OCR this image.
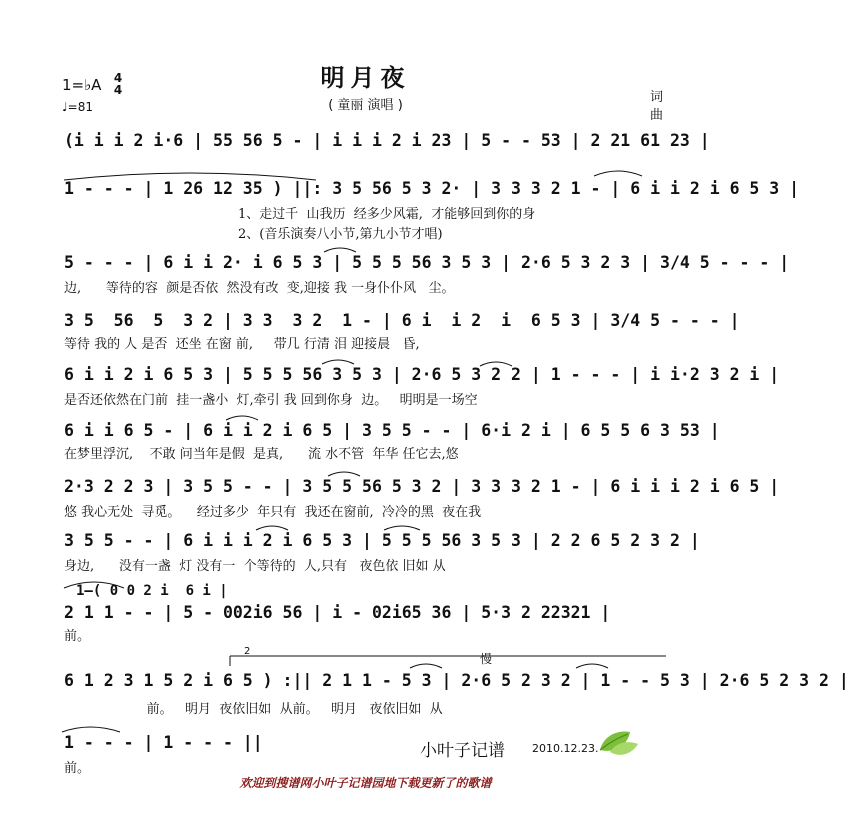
明月夜
( 童丽 演唱 )
1=♭A 4
4
♩=81
词
曲
(i i i 2 i·6 | 55 56 5 - | i i i 2 i 23 | 5 - - 53 | 2 21 61 23 |
1 - - - | 1 26 12 35 ) ||: 3 5 56 5 3 2· | 3 3 3 2 1 - | 6 i i 2 i 6 5 3 |
1、走过千  山我历  经多少风霜,  才能够回到你的身
2、(音乐演奏八小节,第九小节才唱)
5 - - - | 6 i i 2· i 6 5 3 | 5 5 5 56 3 5 3 | 2·6 5 3 2 3 | 3/4 5 - - - |
边,      等待的容  颜是否依  然没有改  变,迎接 我 一身仆仆风   尘。
3 5  56  5  3 2 | 3 3  3 2  1 - | 6 i  i 2  i  6 5 3 | 3/4 5 - - - |
等待 我的 人 是否  还坐 在窗 前,     带几 行清 泪 迎接晨   昏,
6 i i 2 i 6 5 3 | 5 5 5 56 3 5 3 | 2·6 5 3 2 2 | 1 - - - | i i·2 3 2 i |
是否还依然在门前  挂一盏小  灯,牵引 我 回到你身  边。   明明是一场空
6 i i 6 5 - | 6 i i 2 i 6 5 | 3 5 5 - - | 6·i 2 i | 6 5 5 6 3 53 |
在梦里浮沉,    不敢 问当年是假  是真,      流 水不管  年华 任它去,悠
2·3 2 2 3 | 3 5 5 - - | 3 5 5 56 5 3 2 | 3 3 3 2 1 - | 6 i i i 2 i 6 5 |
悠 我心无处  寻觅。    经过多少  年只有  我还在窗前,  冷冷的黑  夜在我
3 5 5 - - | 6 i i i 2 i 6 5 3 | 5 5 5 56 3 5 3 | 2 2 6 5 2 3 2 |
身边,      没有一盏  灯 没有一  个等待的  人,只有   夜色依 旧如 从
1—( 0 0 2 i  6 i |
2 1 1 - - | 5 - 002i6 56 | i - 02i65 36 | 5·3 2 22321 |
前。
6 1 2 3 1 5 2 i 6 5 ) :|| 2 1 1 - 5 3 | 2·6 5 2 3 2 | 1 - - 5 3 | 2·6 5 2 3 2 |
前。   明月  夜依旧如  从前。   明月   夜依旧如  从
1 - - - | 1 - - - ||
前。
小叶子记谱 2010.12.23.
2
慢
欢迎到搜谱网小叶子记谱园地下载更新了的歌谱
